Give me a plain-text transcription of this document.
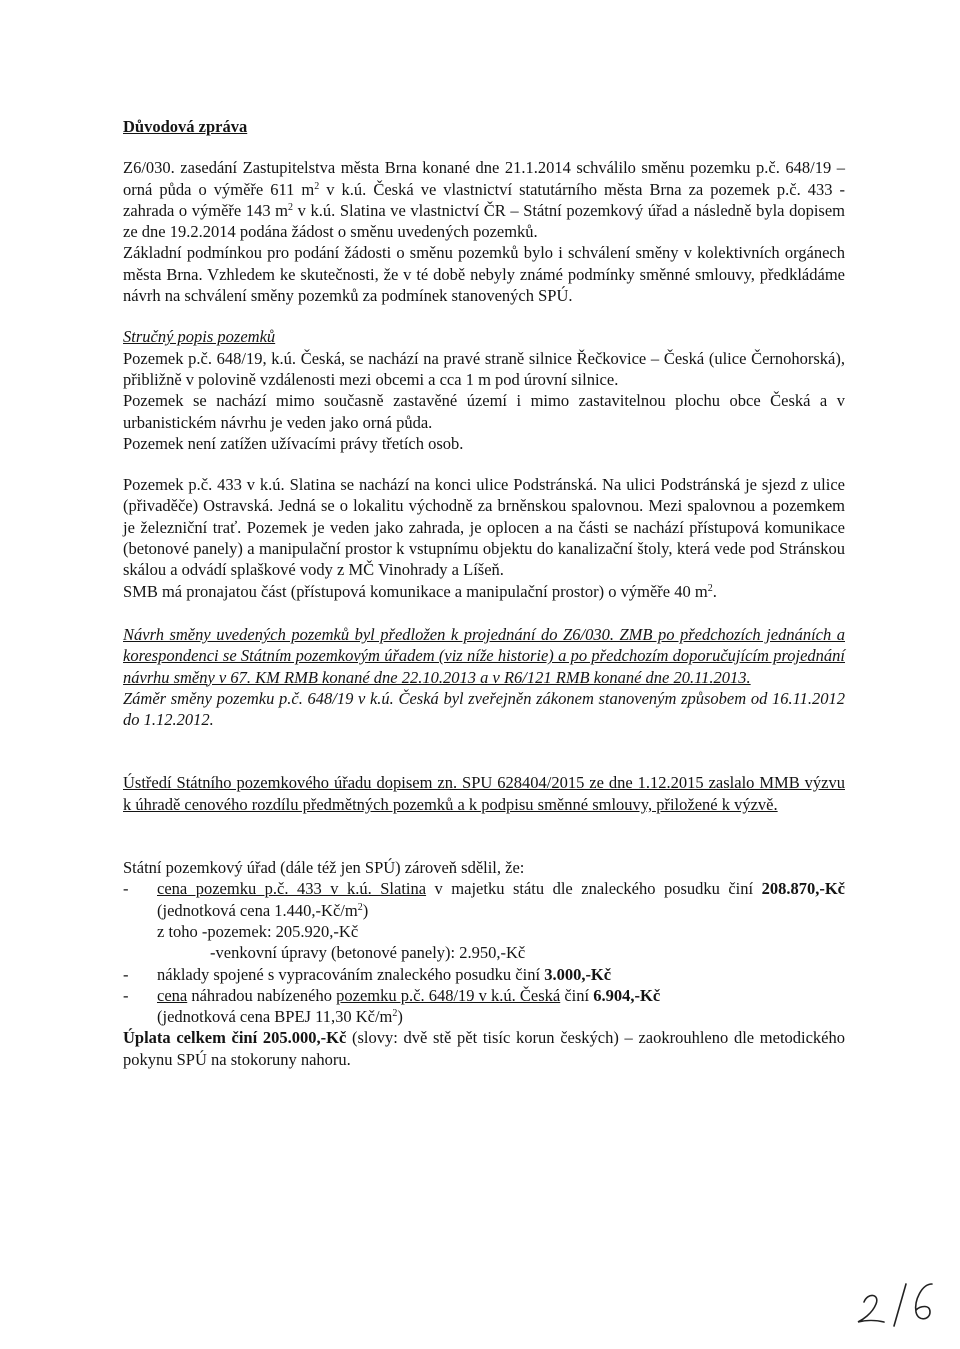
Důvodová zpráva

Z6/030. zasedání Zastupitelstva města Brna konané dne 21.1.2014 schválilo směnu pozemku p.č. 648/19 – orná půda o výměře 611 $m^2$ v k.ú. Česká ve vlastnictví statutárního města Brna za pozemek p.č. 433 - zahrada o výměře 143 $m^2$ v k.ú. Slatina ve vlastnictví ČR – Státní pozemkový úřad a následně byla dopisem ze dne 19.2.2014 podána žádost o směnu uvedených pozemků.

Základní podmínkou pro podání žádosti o směnu pozemků bylo i schválení směny v kolektivních orgánech města Brna. Vzhledem ke skutečnosti, že v té době nebyly známé podmínky směnné smlouvy, předkládáme návrh na schválení směny pozemků za podmínek stanovených SPÚ.

Stručný popis pozemků

Pozemek p.č. 648/19, k.ú. Česká, se nachází na pravé straně silnice Řečkovice – Česká (ulice Černohorská), přibližně v polovině vzdálenosti mezi obcemi a cca 1 m pod úrovní silnice.

Pozemek se nachází mimo současně zastavěné území i mimo zastavitelnou plochu obce Česká a v urbanistickém návrhu je veden jako orná půda.

Pozemek není zatížen užívacími právy třetích osob.

Pozemek p.č. 433 v k.ú. Slatina se nachází na konci ulice Podstránská. Na ulici Podstránská je sjezd z ulice (přivaděče) Ostravská. Jedná se o lokalitu východně za brněnskou spalovnou. Mezi spalovnou a pozemkem je železniční trať. Pozemek je veden jako zahrada, je oplocen a na části se nachází přístupová komunikace (betonové panely) a manipulační prostor k vstupnímu objektu do kanalizační štoly, která vede pod Stránskou skálou a odvádí splaškové vody z MČ Vinohrady a Líšeň.

SMB má pronajatou část (přístupová komunikace a manipulační prostor) o výměře 40 $m^2$.

Návrh směny uvedených pozemků byl předložen k projednání do Z6/030. ZMB po předchozích jednáních a korespondenci se Státním pozemkovým úřadem (viz níže historie) a po předchozím doporučujícím projednání návrhu směny v 67. KM RMB konané dne 22.10.2013 a v R6/121 RMB konané dne 20.11.2013.

Záměr směny pozemku p.č. 648/19 v k.ú. Česká byl zveřejněn zákonem stanoveným způsobem od 16.11.2012 do 1.12.2012.

Ústředí Státního pozemkového úřadu dopisem zn. SPU 628404/2015 ze dne 1.12.2015 zaslalo MMB výzvu k úhradě cenového rozdílu předmětných pozemků a k podpisu směnné smlouvy, přiložené k výzvě.

Státní pozemkový úřad (dále též jen SPÚ) zároveň sdělil, že:

- cena pozemku p.č. 433 v k.ú. Slatina v majetku státu dle znaleckého posudku činí 208.870,-Kč (jednotková cena $1.440,-Kč/m^2$)
z toho -pozemek: 205.920,-Kč
-venkovní úpravy (betonové panely): 2.950,-Kč
- náklady spojené s vypracováním znaleckého posudku činí 3.000,-Kč
- cena náhradou nabízeného pozemku p.č. 648/19 v k.ú. Česká činí 6.904,-Kč
(jednotková cena BPEJ 11,30 $Kč/m^2$)

Úplata celkem činí 205.000,-Kč (slovy: dvě stě pět tisíc korun českých) – zaokrouhleno dle metodického pokynu SPÚ na stokoruny nahoru.
